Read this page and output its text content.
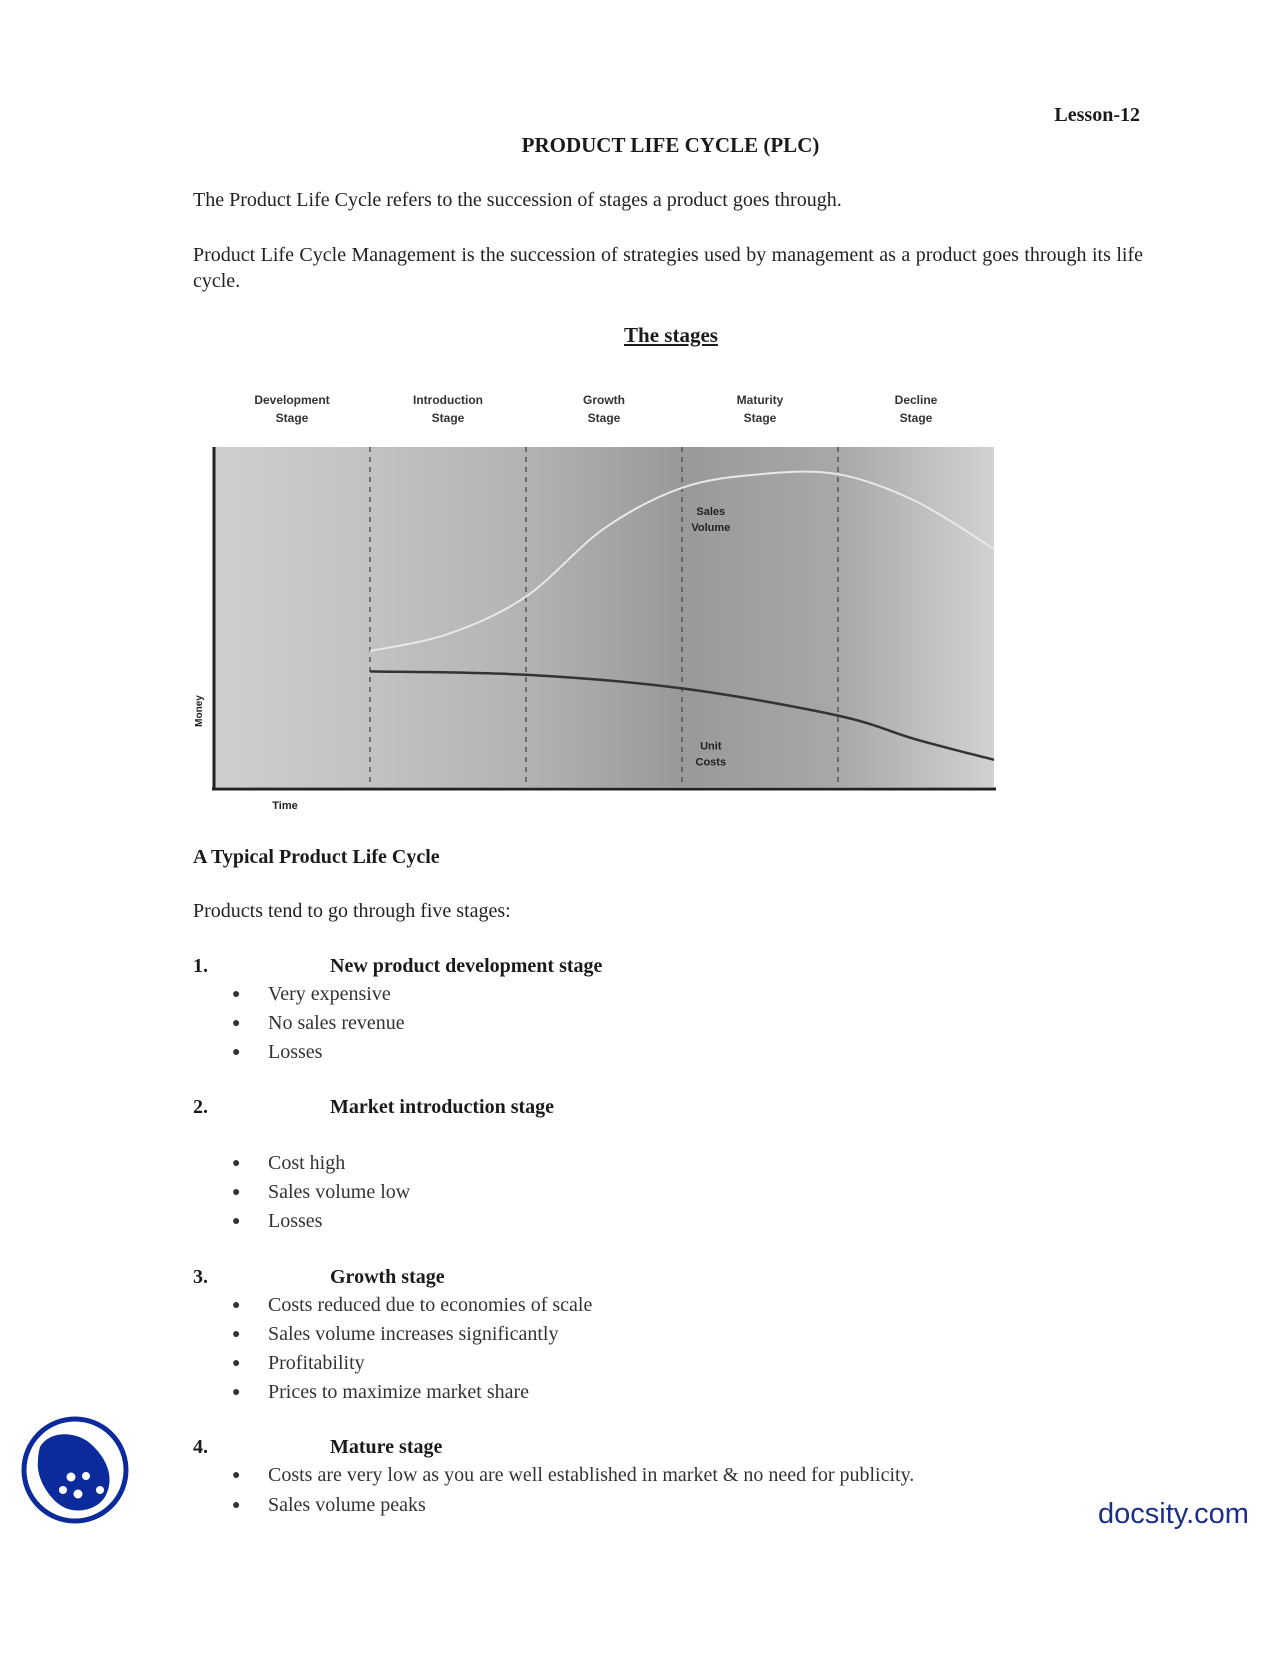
Lesson-12
PRODUCT LIFE CYCLE (PLC)
The Product Life Cycle refers to the succession of stages a product goes through.
Product Life Cycle Management is the succession of strategies used by management as a product goes through its life cycle.
The stages
Development
Stage
Introduction
Stage
Growth
Stage
Maturity
Stage
Decline
Stage
Sales
Volume
Unit
Costs
Money
Time
A Typical Product Life Cycle
Products tend to go through five stages:
1.	New product development stage
● Very expensive
● No sales revenue
● Losses
2.	Market introduction stage
● Cost high
● Sales volume low
● Losses
3.	Growth stage
● Costs reduced due to economies of scale
● Sales volume increases significantly
● Profitability
● Prices to maximize market share
4.	Mature stage
● Costs are very low as you are well established in market & no need for publicity.
● Sales volume peaks	docsity.com
